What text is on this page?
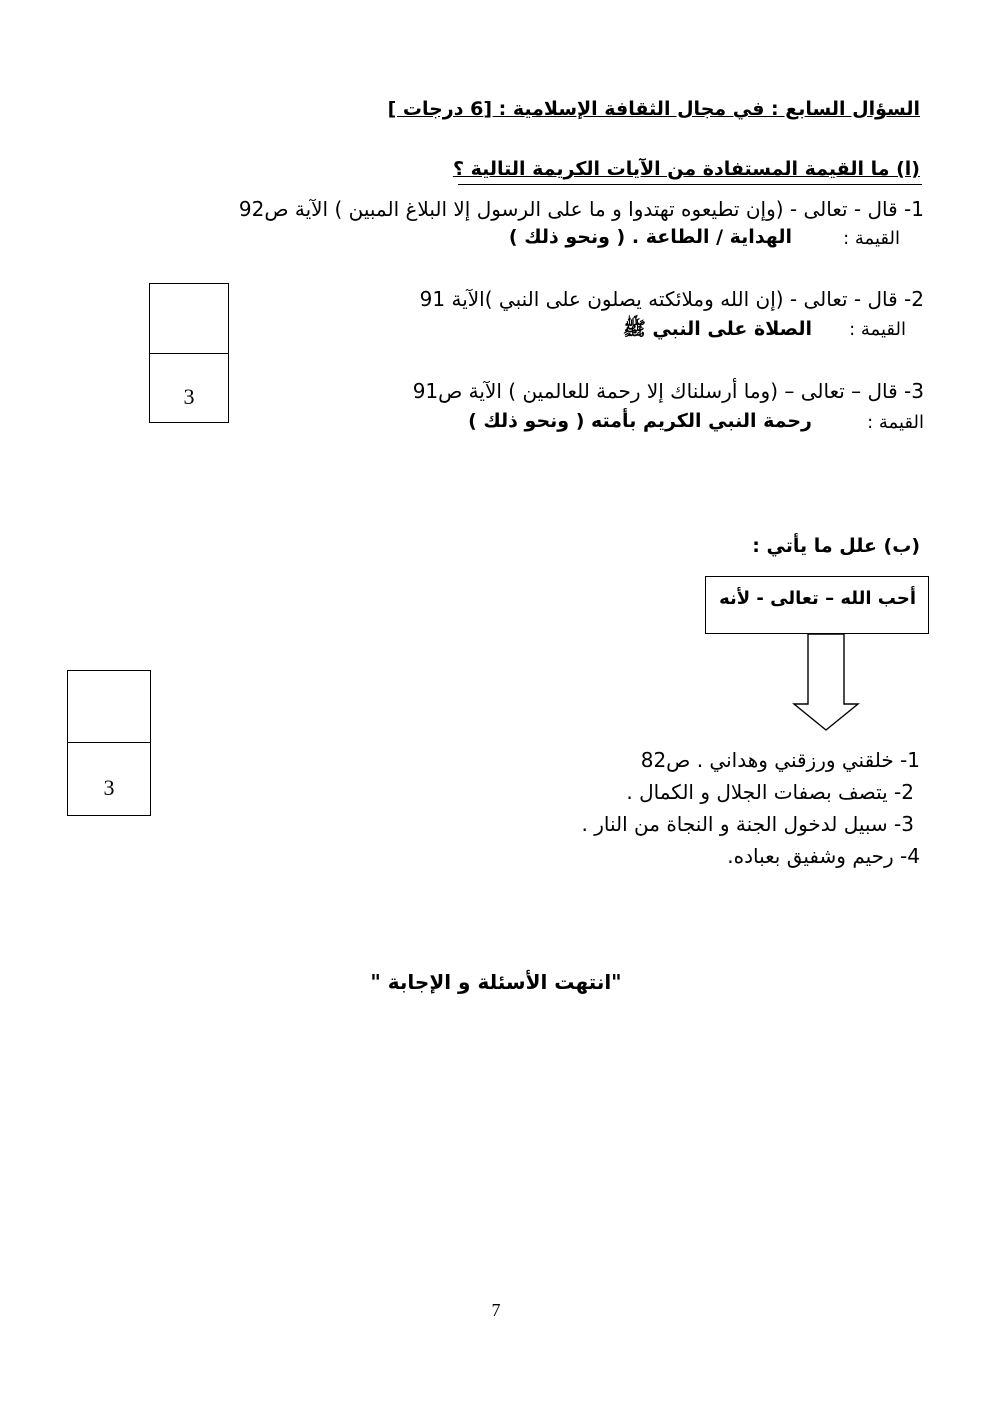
السؤال السابع : في مجال الثقافة الإسلامية : [6 درجات ]
(ا) ما القيمة المستفادة من الآيات الكريمة التالية ؟
1- قال - تعالى - (وإن تطيعوه تهتدوا و ما على الرسول إلا البلاغ المبين ) الآية ص92
القيمة :
الهداية / الطاعة . ( ونحو ذلك )
2- قال - تعالى - (إن الله وملائكته يصلون على النبي )الآية 91
القيمة :
الصلاة على النبي ﷺ
3- قال – تعالى – (وما أرسلناك إلا رحمة للعالمين ) الآية ص91
القيمة :
رحمة النبي الكريم بأمته ( ونحو ذلك )
3
(ب) علل ما يأتي :
أحب الله – تعالى - لأنه
1- خلقني ورزقني وهداني . ص82
2- يتصف بصفات الجلال و الكمال .
3- سبيل لدخول الجنة و النجاة من النار .
4- رحيم وشفيق بعباده.
3
"انتهت الأسئلة و الإجابة "
7
